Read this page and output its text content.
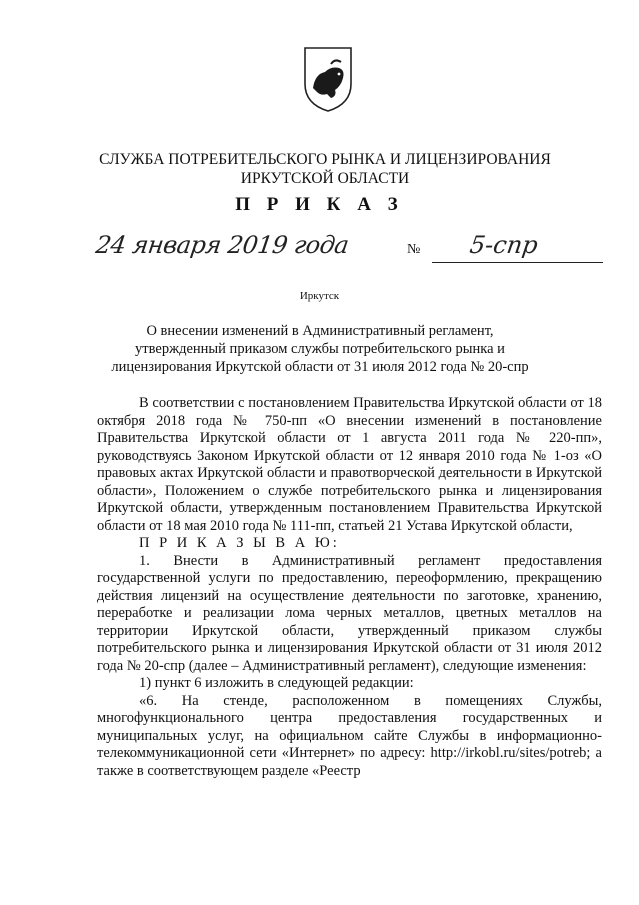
СЛУЖБА ПОТРЕБИТЕЛЬСКОГО РЫНКА И ЛИЦЕНЗИРОВАНИЯ
ИРКУТСКОЙ ОБЛАСТИ
П Р И К А З
24 января 2019 года	№ 5-спр
Иркутск
О внесении изменений в Административный регламент, утвержденный приказом службы потребительского рынка и лицензирования Иркутской области от 31 июля 2012 года № 20-спр

В соответствии с постановлением Правительства Иркутской области от 18 октября 2018 года № 750-пп «О внесении изменений в постановление Правительства Иркутской области от 1 августа 2011 года № 220-пп», руководствуясь Законом Иркутской области от 12 января 2010 года № 1-оз «О правовых актах Иркутской области и правотворческой деятельности в Иркутской области», Положением о службе потребительского рынка и лицензирования Иркутской области, утвержденным постановлением Правительства Иркутской области от 18 мая 2010 года № 111-пп, статьей 21 Устава Иркутской области,

П Р И К А З Ы В А Ю:

1. Внести в Административный регламент предоставления государственной услуги по предоставлению, переоформлению, прекращению действия лицензий на осуществление деятельности по заготовке, хранению, переработке и реализации лома черных металлов, цветных металлов на территории Иркутской области, утвержденный приказом службы потребительского рынка и лицензирования Иркутской области от 31 июля 2012 года № 20-спр (далее – Административный регламент), следующие изменения:

1) пункт 6 изложить в следующей редакции:

«6. На стенде, расположенном в помещениях Службы, многофункционального центра предоставления государственных и муниципальных услуг, на официальном сайте Службы в информационно-телекоммуникационной сети «Интернет» по адресу: http://irkobl.ru/sites/potreb; а также в соответствующем разделе «Реестр
